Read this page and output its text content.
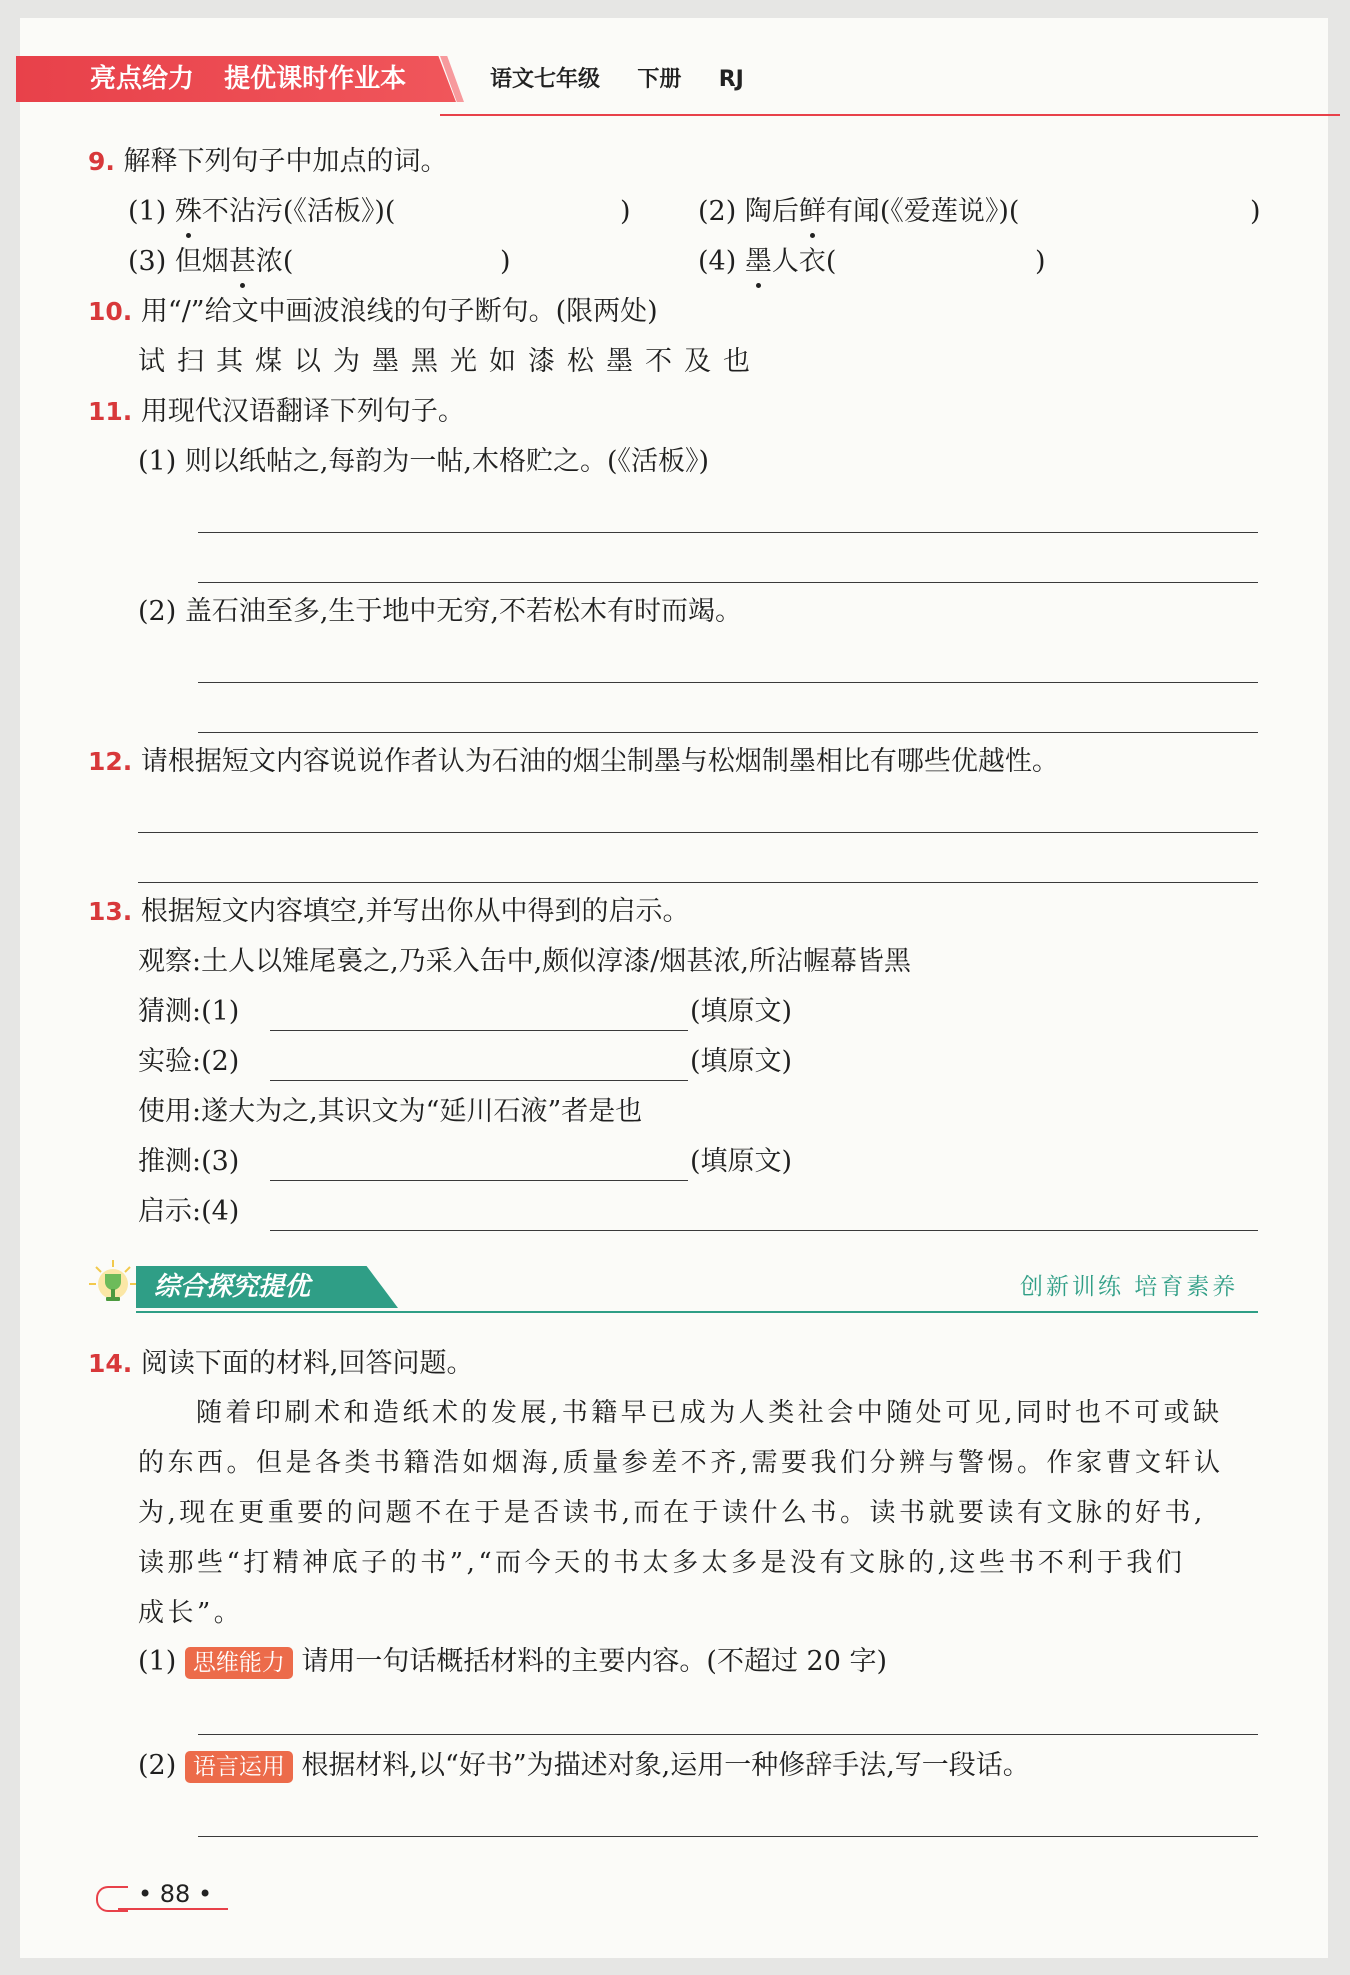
亮点给力 提优课时作业本	语文七年级 下册 RJ
9. 解释下列句子中加点的词。
(1) 殊不沾污(《活板》)(	) (2) 陶后鲜有闻(《爱莲说》)(	)
(3) 但烟甚浓(	)	(4) 墨人衣(	)
10. 用“/”给文中画波浪线的句子断句。(限两处)
试扫其煤以为墨黑光如漆松墨不及也
11. 用现代汉语翻译下列句子。
(1) 则以纸帖之,每韵为一帖,木格贮之。(《活板》)
(2) 盖石油至多,生于地中无穷,不若松木有时而竭。
12. 请根据短文内容说说作者认为石油的烟尘制墨与松烟制墨相比有哪些优越性。
13. 根据短文内容填空,并写出你从中得到的启示。
观察:土人以雉尾裛之,乃采入缶中,颇似淳漆/烟甚浓,所沾幄幕皆黑
猜测:(1)	(填原文)
实验:(2)	(填原文)
使用:遂大为之,其识文为“延川石液”者是也
推测:(3)	(填原文)
启示:(4)
综合探究提优	创新训练 培育素养
14. 阅读下面的材料,回答问题。
随着印刷术和造纸术的发展,书籍早已成为人类社会中随处可见,同时也不可或缺
的东西。但是各类书籍浩如烟海,质量参差不齐,需要我们分辨与警惕。作家曹文轩认
为,现在更重要的问题不在于是否读书,而在于读什么书。读书就要读有文脉的好书,
读那些“打精神底子的书”,“而今天的书太多太多是没有文脉的,这些书不利于我们
成长”。
(1) 思维能力 请用一句话概括材料的主要内容。(不超过 20 字)
(2) 语言运用 根据材料,以“好书”为描述对象,运用一种修辞手法,写一段话。
• 88 •
